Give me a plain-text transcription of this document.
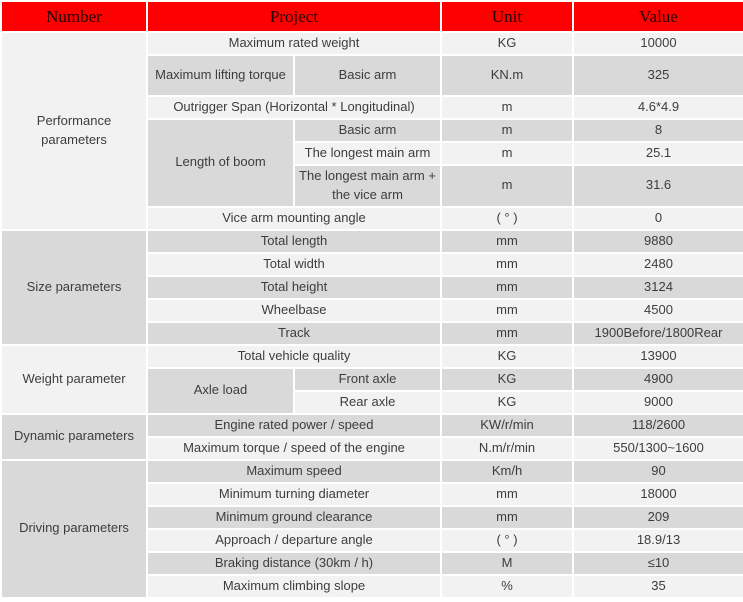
Number	Project		Unit	Value
Performance parameters	Maximum rated weight		KG	10000
	Maximum lifting torque	Basic arm	KN.m	325
	Outrigger Span (Horizontal * Longitudinal)		m	4.6*4.9
	Length of boom	Basic arm	m	8
		The longest main arm	m	25.1
		The longest main arm + the vice arm	m	31.6
	Vice arm mounting angle		( ° )	0
Size parameters	Total length		mm	9880
	Total width		mm	2480
	Total height		mm	3124
	Wheelbase		mm	4500
	Track		mm	1900Before/1800Rear
Weight parameter	Total vehicle quality		KG	13900
	Axle load	Front axle	KG	4900
		Rear axle	KG	9000
Dynamic parameters	Engine rated power / speed		KW/r/min	118/2600
	Maximum torque / speed of the engine		N.m/r/min	550/1300~1600
Driving parameters	Maximum speed		Km/h	90
	Minimum turning diameter		mm	18000
	Minimum ground clearance		mm	209
	Approach / departure angle		( ° )	18.9/13
	Braking distance (30km / h)		M	≤10
	Maximum climbing slope		%	35
